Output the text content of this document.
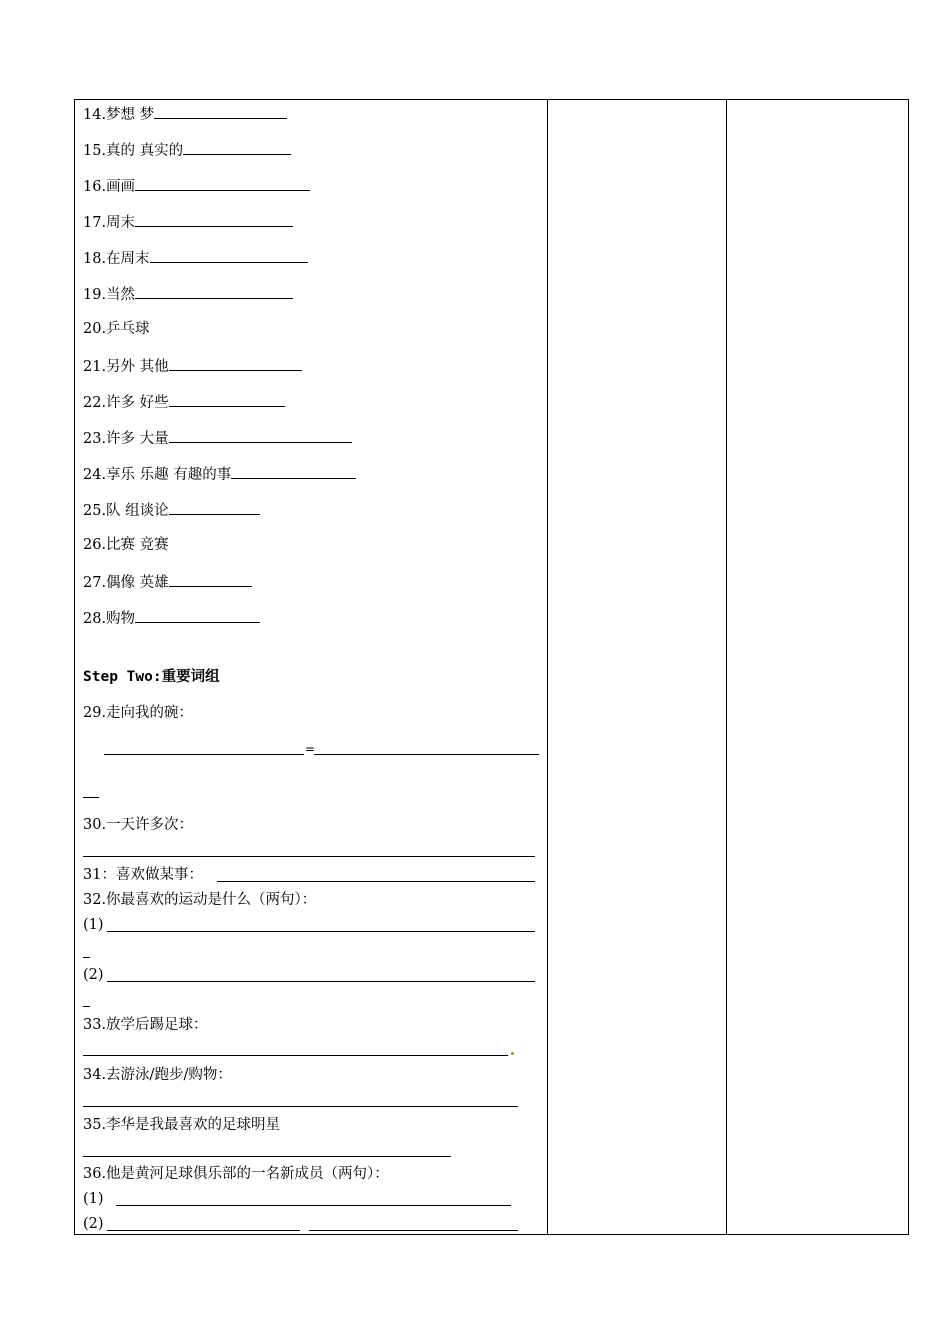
14.梦想 梦
15.真的 真实的
16.画画
17.周末
18.在周末
19.当然
20.乒乓球
21.另外 其他
22.许多 好些
23.许多 大量
24.享乐 乐趣 有趣的事
25.队 组谈论
26.比赛 竞赛
27.偶像 英雄
28.购物
Step Two:重要词组
29.走向我的碗：
=
30.一天许多次：
31：喜欢做某事：
32.你最喜欢的运动是什么（两句）：
(1)
(2)
33.放学后踢足球：
34.去游泳/跑步/购物：
35.李华是我最喜欢的足球明星
36.他是黄河足球俱乐部的一名新成员（两句）：
(1)
(2)
